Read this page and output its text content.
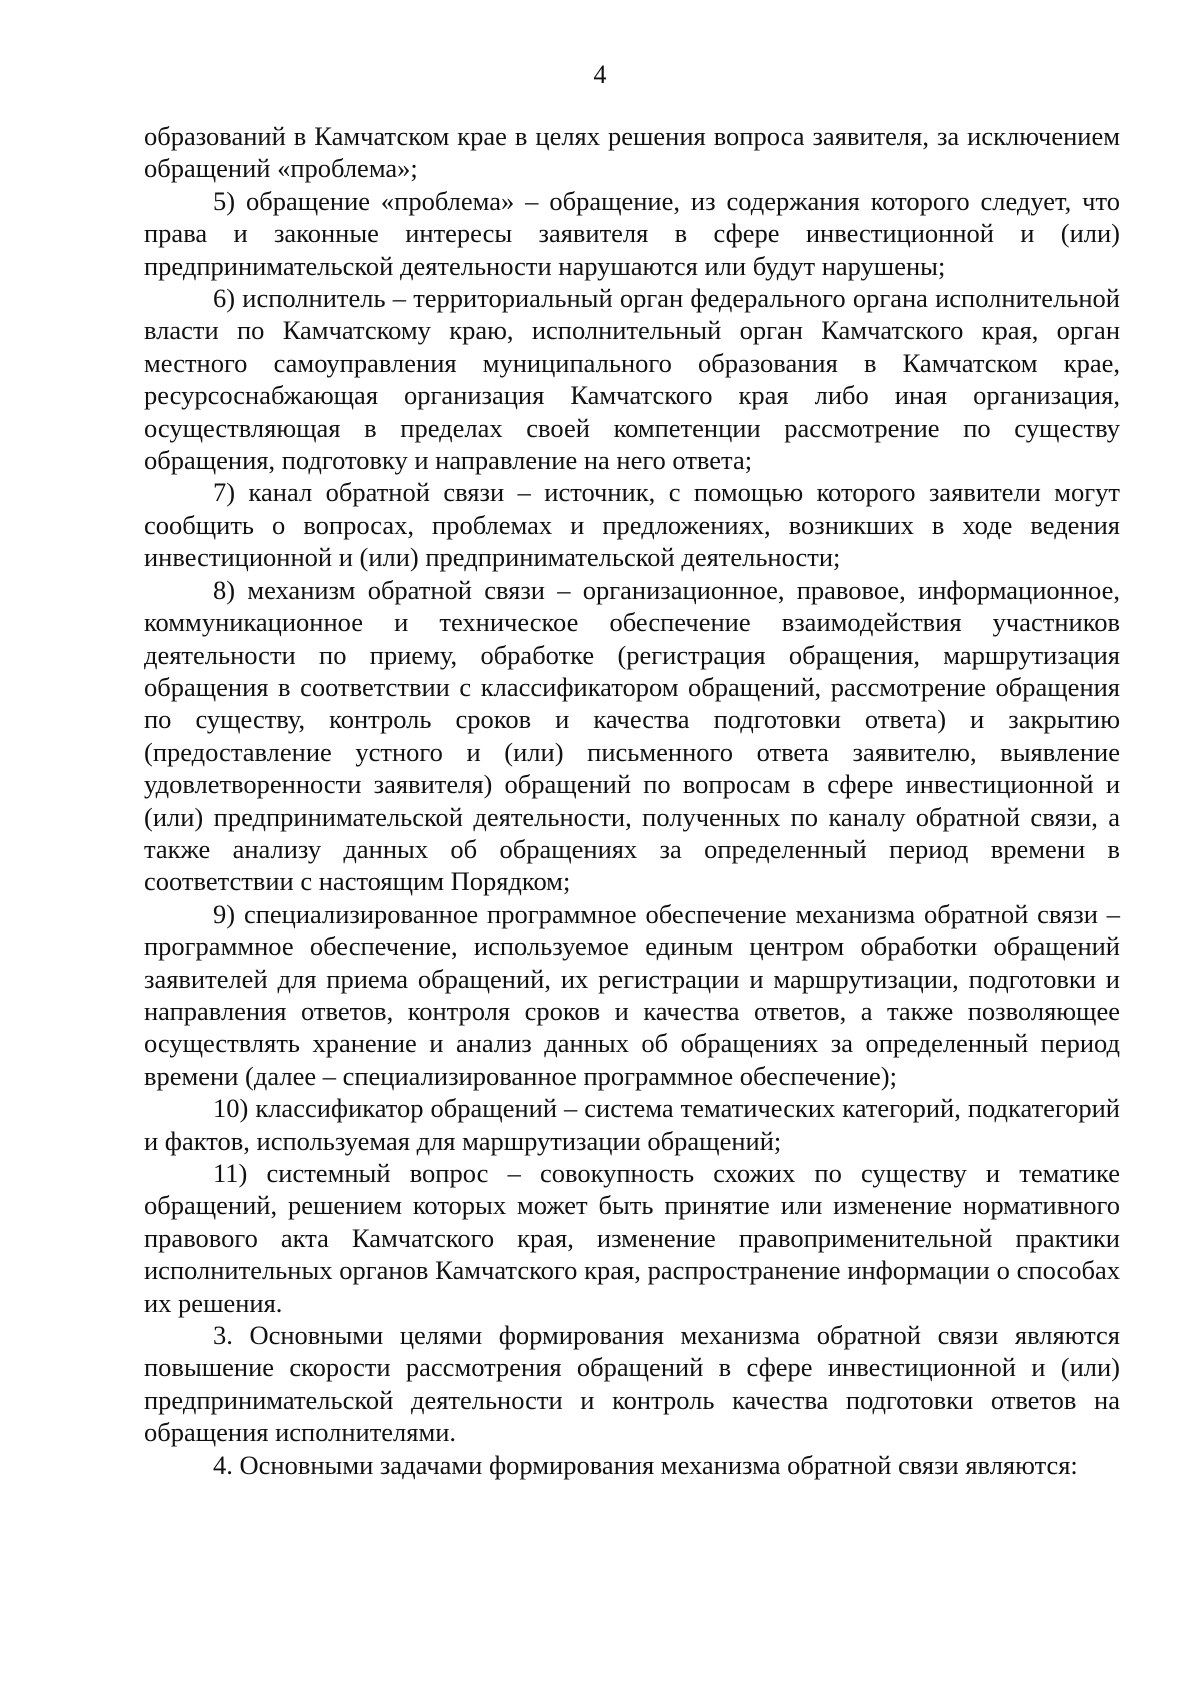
4

образований в Камчатском крае в целях решения вопроса заявителя, за исключением обращений «проблема»;

5) обращение «проблема» – обращение, из содержания которого следует, что права и законные интересы заявителя в сфере инвестиционной и (или) предпринимательской деятельности нарушаются или будут нарушены;

6) исполнитель – территориальный орган федерального органа исполнительной власти по Камчатскому краю, исполнительный орган Камчатского края, орган местного самоуправления муниципального образования в Камчатском крае, ресурсоснабжающая организация Камчатского края либо иная организация, осуществляющая в пределах своей компетенции рассмотрение по существу обращения, подготовку и направление на него ответа;

7) канал обратной связи – источник, с помощью которого заявители могут сообщить о вопросах, проблемах и предложениях, возникших в ходе ведения инвестиционной и (или) предпринимательской деятельности;

8) механизм обратной связи – организационное, правовое, информационное, коммуникационное и техническое обеспечение взаимодействия участников деятельности по приему, обработке (регистрация обращения, маршрутизация обращения в соответствии с классификатором обращений, рассмотрение обращения по существу, контроль сроков и качества подготовки ответа) и закрытию (предоставление устного и (или) письменного ответа заявителю, выявление удовлетворенности заявителя) обращений по вопросам в сфере инвестиционной и (или) предпринимательской деятельности, полученных по каналу обратной связи, а также анализу данных об обращениях за определенный период времени в соответствии с настоящим Порядком;

9) специализированное программное обеспечение механизма обратной связи – программное обеспечение, используемое единым центром обработки обращений заявителей для приема обращений, их регистрации и маршрутизации, подготовки и направления ответов, контроля сроков и качества ответов, а также позволяющее осуществлять хранение и анализ данных об обращениях за определенный период времени (далее – специализированное программное обеспечение);

10) классификатор обращений – система тематических категорий, подкатегорий и фактов, используемая для маршрутизации обращений;

11) системный вопрос – совокупность схожих по существу и тематике обращений, решением которых может быть принятие или изменение нормативного правового акта Камчатского края, изменение правоприменительной практики исполнительных органов Камчатского края, распространение информации о способах их решения.

3. Основными целями формирования механизма обратной связи являются повышение скорости рассмотрения обращений в сфере инвестиционной и (или) предпринимательской деятельности и контроль качества подготовки ответов на обращения исполнителями.

4. Основными задачами формирования механизма обратной связи являются:
